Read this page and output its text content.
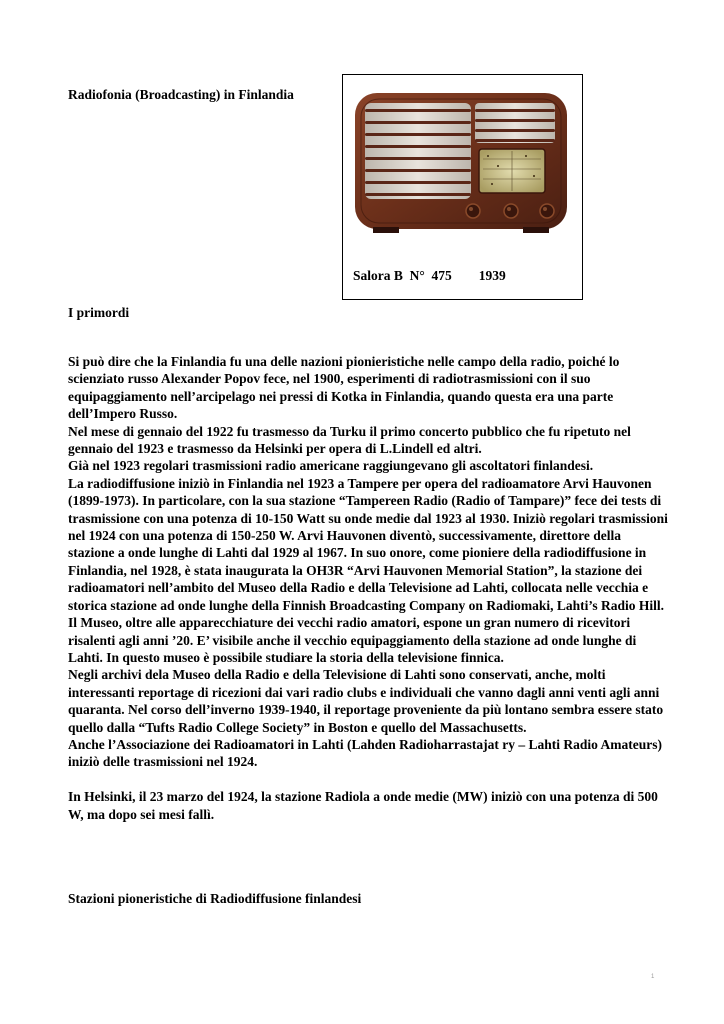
Radiofonia (Broadcasting) in Finlandia
Salora B  N°  475        1939
I primordi

Si può dire che la Finlandia fu una delle nazioni pionieristiche nelle campo della radio, poiché lo scienziato russo Alexander Popov fece, nel 1900, esperimenti di radiotrasmissioni con il suo equipaggiamento nell’arcipelago nei pressi di Kotka in Finlandia, quando questa era una parte dell’Impero Russo.

Nel mese di gennaio del 1922 fu trasmesso da Turku il primo concerto pubblico che fu ripetuto nel gennaio del 1923 e trasmesso da Helsinki per opera di L.Lindell ed altri.

Già nel 1923 regolari trasmissioni radio americane raggiungevano gli ascoltatori finlandesi.

La radiodiffusione iniziò in Finlandia nel 1923 a Tampere per opera del radioamatore Arvi Hauvonen (1899-1973). In particolare, con la sua stazione “Tampereen Radio (Radio of Tampare)” fece dei tests di trasmissione con una potenza di 10-150 Watt su onde medie dal 1923 al 1930. Iniziò regolari trasmissioni nel 1924 con una potenza di 150-250 W. Arvi Hauvonen diventò, successivamente, direttore della stazione a onde lunghe di Lahti dal 1929 al 1967. In suo onore, come pioniere della radiodiffusione in Finlandia, nel 1928, è stata inaugurata la OH3R “Arvi Hauvonen Memorial Station”, la stazione dei radioamatori nell’ambito del Museo della Radio e della Televisione ad Lahti, collocata nelle vecchia e storica stazione ad onde lunghe della Finnish Broadcasting Company on Radiomaki, Lahti’s Radio Hill.

Il Museo, oltre alle apparecchiature dei vecchi radio amatori, espone un gran numero di ricevitori risalenti agli anni ’20. E’ visibile anche il vecchio equipaggiamento della stazione ad onde lunghe di Lahti. In questo museo è possibile studiare la storia della televisione finnica.

Negli archivi dela Museo della Radio e della Televisione di Lahti sono conservati, anche, molti interessanti reportage di ricezioni dai vari radio clubs e individuali che vanno dagli anni venti agli anni quaranta. Nel corso dell’inverno 1939-1940, il reportage proveniente da più lontano sembra essere stato quello dalla “Tufts Radio College Society” in Boston e quello del Massachusetts.

Anche l’Associazione dei Radioamatori in Lahti (Lahden Radioharrastajat ry – Lahti Radio Amateurs) iniziò delle trasmissioni nel 1924.

In Helsinki, il 23 marzo del 1924, la stazione Radiola a onde medie (MW) iniziò con una potenza di 500 W, ma dopo sei mesi fallì.

Stazioni pioneristiche di Radiodiffusione finlandesi
1
